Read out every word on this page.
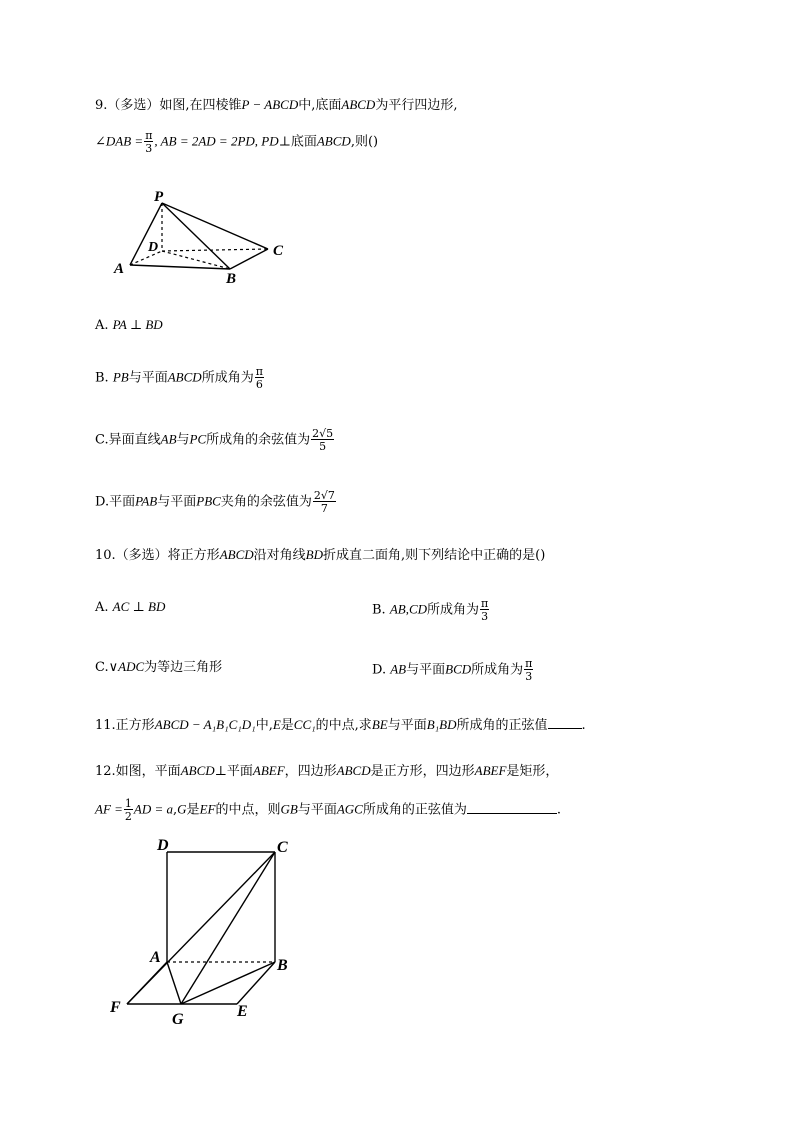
9.（多选）如图,在四棱锥P − ABCD中,底面ABCD为平行四边形,
∠DAB = $\frac{\pi}{3}$ , AB = 2AD = 2PD, PD⊥底面ABCD,则()
P
D
A
B
C
A. PA ⊥ BD
B. PB与平面ABCD所成角为 $\frac{\pi}{6}$
C.异面直线AB与PC所成角的余弦值为 $\frac{2√5}{5}$
D.平面PAB与平面PBC夹角的余弦值为 $\frac{2√7}{7}$
10.（多选）将正方形ABCD沿对角线BD折成直二面角,则下列结论中正确的是()
A. AC ⊥ BD	B. AB,CD所成角为 $\frac{\pi}{3}$
C.∨ADC为等边三角形	D. AB与平面BCD所成角为 $\frac{\pi}{3}$
11.正方形ABCD − A₁B₁C₁D₁中,E是CC₁的中点,求BE与平面B₁BD所成角的正弦值	.
12.如图，平面ABCD⊥平面ABEF，四边形ABCD是正方形，四边形ABEF是矩形，
AF = $\frac{1}{2}$ AD = a,G是EF的中点，则GB与平面AGC所成角的正弦值为	.
D	C
A	B
F
G	E
